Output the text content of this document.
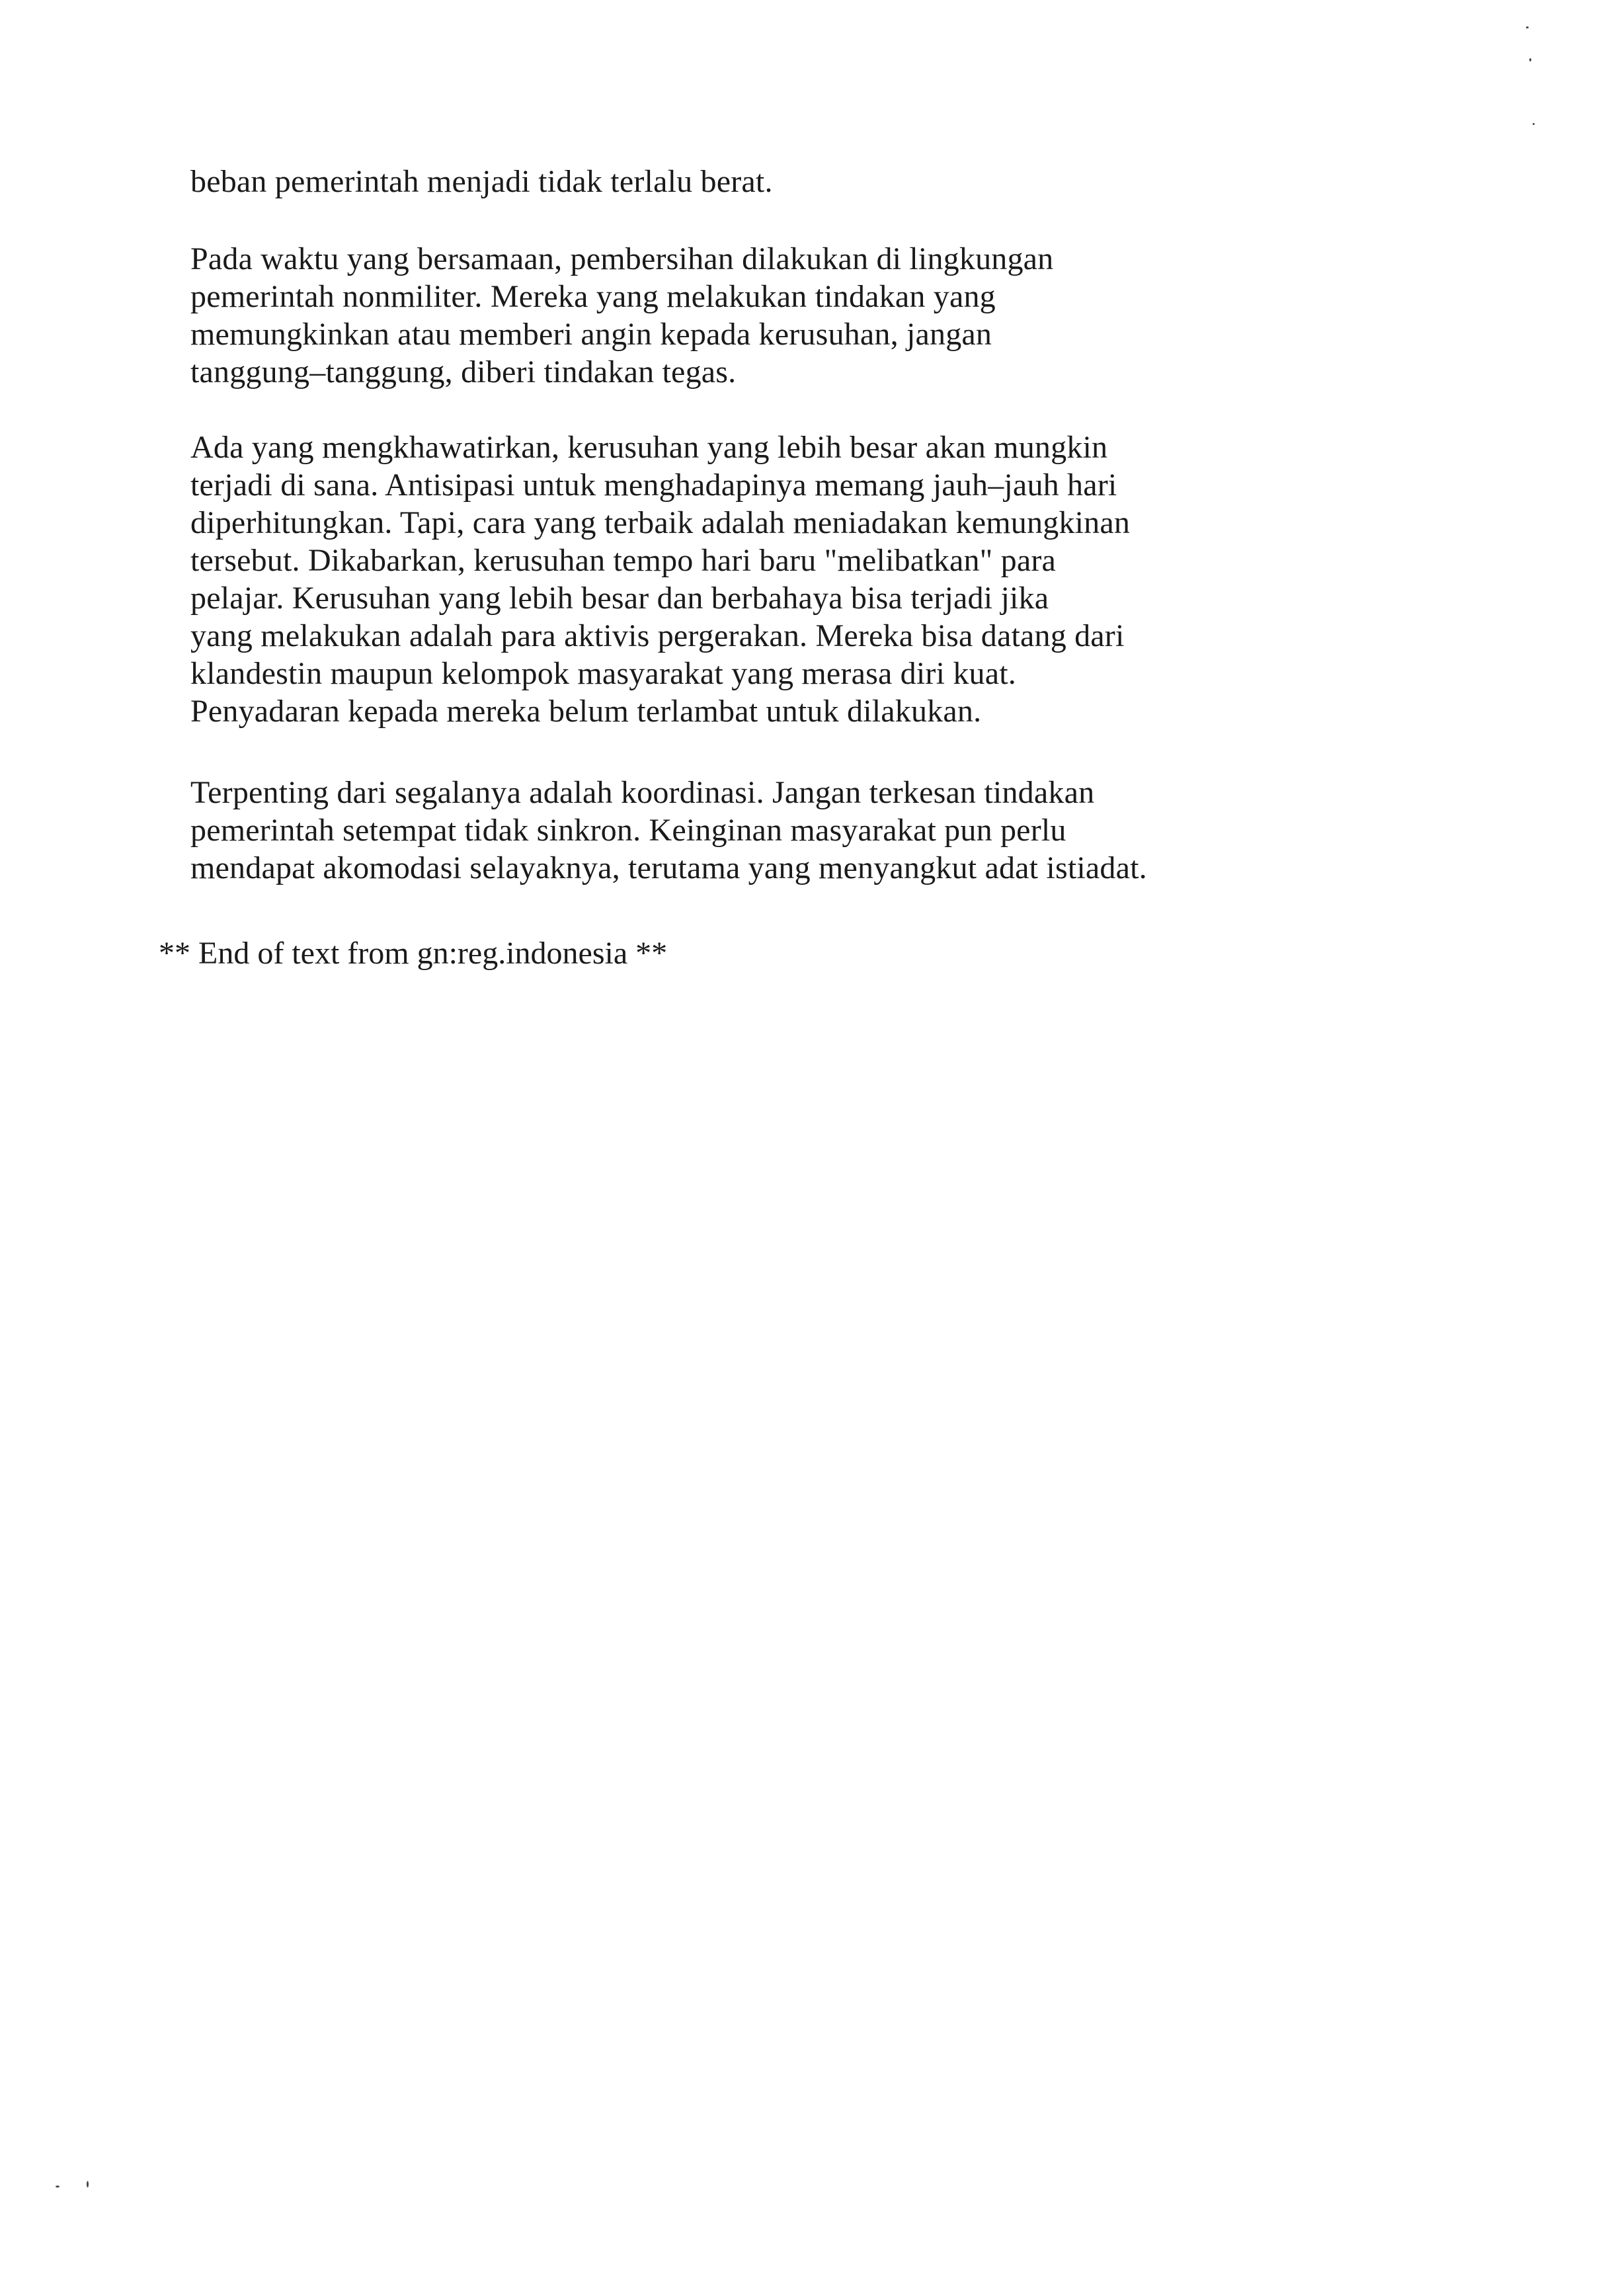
beban pemerintah menjadi tidak terlalu berat.
Pada waktu yang bersamaan, pembersihan dilakukan di lingkungan
pemerintah nonmiliter. Mereka yang melakukan tindakan yang
memungkinkan atau memberi angin kepada kerusuhan, jangan
tanggung–tanggung, diberi tindakan tegas.
Ada yang mengkhawatirkan, kerusuhan yang lebih besar akan mungkin
terjadi di sana. Antisipasi untuk menghadapinya memang jauh–jauh hari
diperhitungkan. Tapi, cara yang terbaik adalah meniadakan kemungkinan
tersebut. Dikabarkan, kerusuhan tempo hari baru "melibatkan" para
pelajar. Kerusuhan yang lebih besar dan berbahaya bisa terjadi jika
yang melakukan adalah para aktivis pergerakan. Mereka bisa datang dari
klandestin maupun kelompok masyarakat yang merasa diri kuat.
Penyadaran kepada mereka belum terlambat untuk dilakukan.
Terpenting dari segalanya adalah koordinasi. Jangan terkesan tindakan
pemerintah setempat tidak sinkron. Keinginan masyarakat pun perlu
mendapat akomodasi selayaknya, terutama yang menyangkut adat istiadat.
** End of text from gn:reg.indonesia **
